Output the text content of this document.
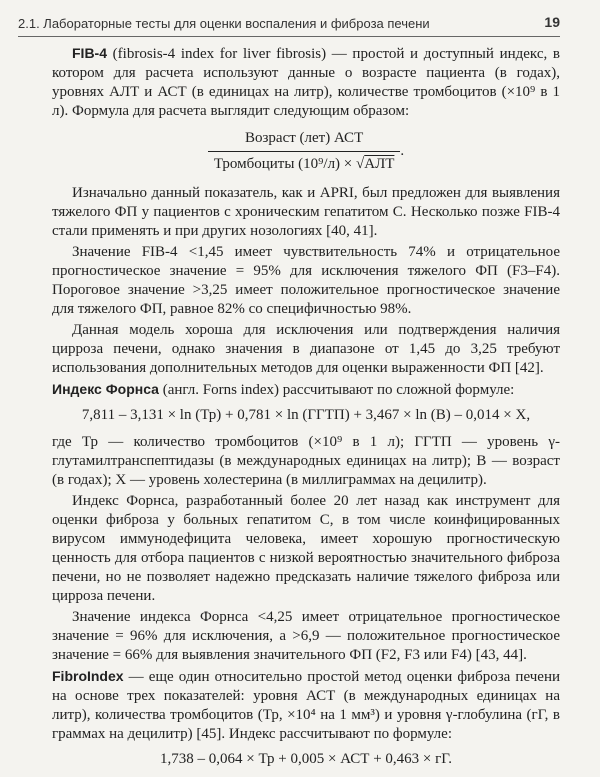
2.1. Лабораторные тесты для оценки воспаления и фиброза печени	19

FIB-4 (fibrosis-4 index for liver fibrosis) — простой и доступный индекс, в котором для расчета используют данные о возрасте пациента (в годах), уровнях АЛТ и АСТ (в единицах на литр), количестве тромбоцитов (×10⁹ в 1 л). Формула для расчета выглядит следующим образом:

$\frac{\text{Возраст (лет) АСТ}}{\text{Тромбоциты (10⁹/л) × √АЛТ}}$ .

Изначально данный показатель, как и APRI, был предложен для выявления тяжелого ФП у пациентов с хроническим гепатитом С. Несколько позже FIB-4 стали применять и при других нозологиях [40, 41].

Значение FIB-4 <1,45 имеет чувствительность 74% и отрицательное прогностическое значение = 95% для исключения тяжелого ФП (F3–F4). Пороговое значение >3,25 имеет положительное прогностическое значение для тяжелого ФП, равное 82% со специфичностью 98%.

Данная модель хороша для исключения или подтверждения наличия цирроза печени, однако значения в диапазоне от 1,45 до 3,25 требуют использования дополнительных методов для оценки выраженности ФП [42].

Индекс Форнса (англ. Forns index) рассчитывают по сложной формуле:

7,811 – 3,131 × ln (Тр) + 0,781 × ln (ГГТП) + 3,467 × ln (В) – 0,014 × Х,

где Тр — количество тромбоцитов (×10⁹ в 1 л); ГГТП — уровень γ-глутамилтранспептидазы (в международных единицах на литр); В — возраст (в годах); Х — уровень холестерина (в миллиграммах на децилитр).

Индекс Форнса, разработанный более 20 лет назад как инструмент для оценки фиброза у больных гепатитом С, в том числе коинфицированных вирусом иммунодефицита человека, имеет хорошую прогностическую ценность для отбора пациентов с низкой вероятностью значительного фиброза печени, но не позволяет надежно предсказать наличие тяжелого фиброза или цирроза печени.

Значение индекса Форнса <4,25 имеет отрицательное прогностическое значение = 96% для исключения, а >6,9 — положительное прогностическое значение = 66% для выявления значительного ФП (F2, F3 или F4) [43, 44].

FibroIndex — еще один относительно простой метод оценки фиброза печени на основе трех показателей: уровня АСТ (в международных единицах на литр), количества тромбоцитов (Тр, ×10⁴ на 1 мм³) и уровня γ-глобулина (гГ, в граммах на децилитр) [45]. Индекс рассчитывают по формуле:

1,738 – 0,064 × Тр + 0,005 × АСТ + 0,463 × гГ.
